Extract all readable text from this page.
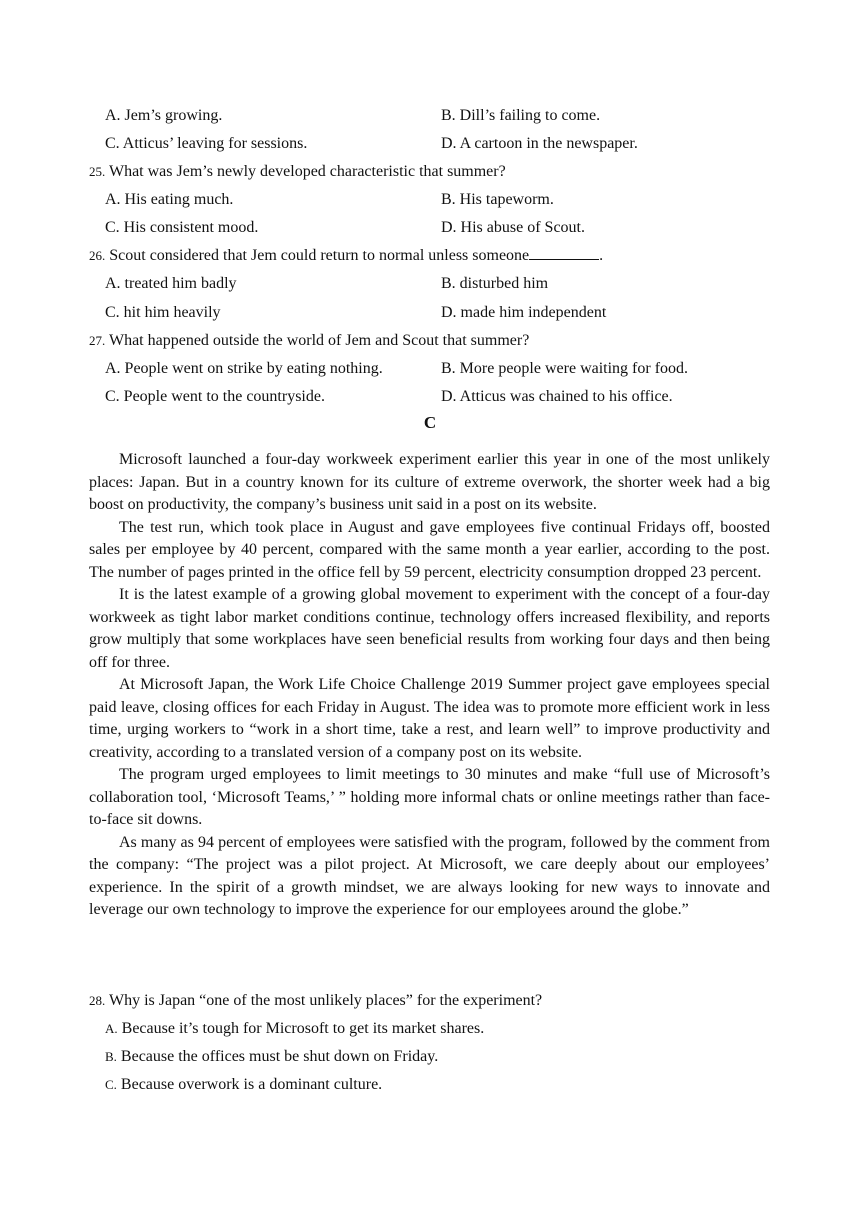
A. Jem’s growing.	B. Dill’s failing to come.
C. Atticus’ leaving for sessions.	D. A cartoon in the newspaper.
25. What was Jem’s newly developed characteristic that summer?
A. His eating much.	B. His tapeworm.
C. His consistent mood.	D. His abuse of Scout.
26. Scout considered that Jem could return to normal unless someone	.
A. treated him badly	B. disturbed him
C. hit him heavily	D. made him independent
27. What happened outside the world of Jem and Scout that summer?
A. People went on strike by eating nothing.	B. More people were waiting for food.
C. People went to the countryside.	D. Atticus was chained to his office.
C

Microsoft launched a four-day workweek experiment earlier this year in one of the most unlikely places: Japan. But in a country known for its culture of extreme overwork, the shorter week had a big boost on productivity, the company’s business unit said in a post on its website.

The test run, which took place in August and gave employees five continual Fridays off, boosted sales per employee by 40 percent, compared with the same month a year earlier, according to the post. The number of pages printed in the office fell by 59 percent, electricity consumption dropped 23 percent.

It is the latest example of a growing global movement to experiment with the concept of a four-day workweek as tight labor market conditions continue, technology offers increased flexibility, and reports grow multiply that some workplaces have seen beneficial results from working four days and then being off for three.

At Microsoft Japan, the Work Life Choice Challenge 2019 Summer project gave employees special paid leave, closing offices for each Friday in August. The idea was to promote more efficient work in less time, urging workers to “work in a short time, take a rest, and learn well” to improve productivity and creativity, according to a translated version of a company post on its website.

The program urged employees to limit meetings to 30 minutes and make “full use of Microsoft’s collaboration tool, ‘Microsoft Teams,’ ” holding more informal chats or online meetings rather than face-to-face sit downs.

As many as 94 percent of employees were satisfied with the program, followed by the comment from the company: “The project was a pilot project. At Microsoft, we care deeply about our employees’ experience. In the spirit of a growth mindset, we are always looking for new ways to innovate and leverage our own technology to improve the experience for our employees around the globe.”

28. Why is Japan “one of the most unlikely places” for the experiment?
A. Because it’s tough for Microsoft to get its market shares.
B. Because the offices must be shut down on Friday.
C. Because overwork is a dominant culture.
